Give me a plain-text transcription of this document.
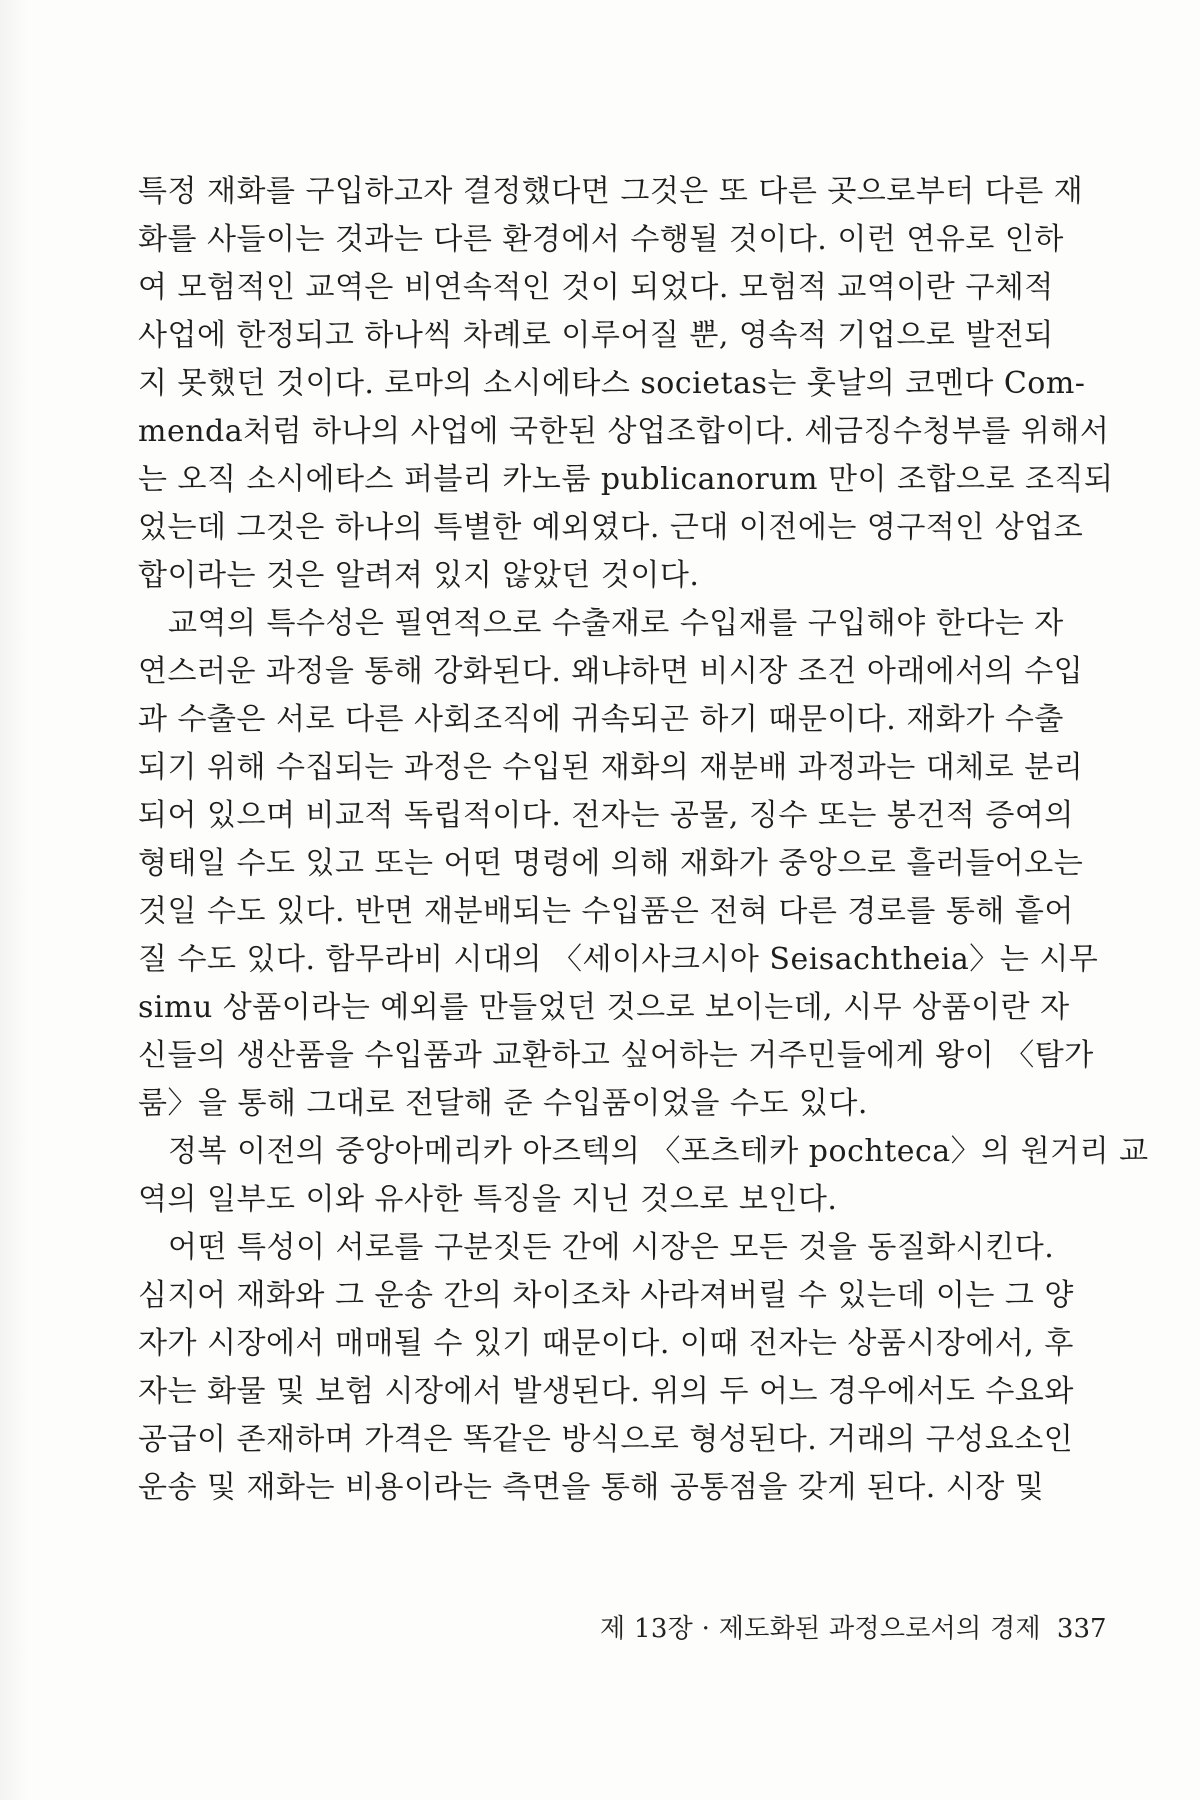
특정 재화를 구입하고자 결정했다면 그것은 또 다른 곳으로부터 다른 재
화를 사들이는 것과는 다른 환경에서 수행될 것이다. 이런 연유로 인하
여 모험적인 교역은 비연속적인 것이 되었다. 모험적 교역이란 구체적
사업에 한정되고 하나씩 차례로 이루어질 뿐, 영속적 기업으로 발전되
지 못했던 것이다. 로마의 소시에타스 societas는 훗날의 코멘다 Com-
menda처럼 하나의 사업에 국한된 상업조합이다. 세금징수청부를 위해서
는 오직 소시에타스 퍼블리 카노룸 publicanorum 만이 조합으로 조직되
었는데 그것은 하나의 특별한 예외였다. 근대 이전에는 영구적인 상업조
합이라는 것은 알려져 있지 않았던 것이다.
교역의 특수성은 필연적으로 수출재로 수입재를 구입해야 한다는 자
연스러운 과정을 통해 강화된다. 왜냐하면 비시장 조건 아래에서의 수입
과 수출은 서로 다른 사회조직에 귀속되곤 하기 때문이다. 재화가 수출
되기 위해 수집되는 과정은 수입된 재화의 재분배 과정과는 대체로 분리
되어 있으며 비교적 독립적이다. 전자는 공물, 징수 또는 봉건적 증여의
형태일 수도 있고 또는 어떤 명령에 의해 재화가 중앙으로 흘러들어오는
것일 수도 있다. 반면 재분배되는 수입품은 전혀 다른 경로를 통해 흩어
질 수도 있다. 함무라비 시대의 〈세이사크시아 Seisachtheia〉는 시무
simu 상품이라는 예외를 만들었던 것으로 보이는데, 시무 상품이란 자
신들의 생산품을 수입품과 교환하고 싶어하는 거주민들에게 왕이 〈탐가
룸〉을 통해 그대로 전달해 준 수입품이었을 수도 있다.
정복 이전의 중앙아메리카 아즈텍의 〈포츠테카 pochteca〉의 원거리 교
역의 일부도 이와 유사한 특징을 지닌 것으로 보인다.
어떤 특성이 서로를 구분짓든 간에 시장은 모든 것을 동질화시킨다.
심지어 재화와 그 운송 간의 차이조차 사라져버릴 수 있는데 이는 그 양
자가 시장에서 매매될 수 있기 때문이다. 이때 전자는 상품시장에서, 후
자는 화물 및 보험 시장에서 발생된다. 위의 두 어느 경우에서도 수요와
공급이 존재하며 가격은 똑같은 방식으로 형성된다. 거래의 구성요소인
운송 및 재화는 비용이라는 측면을 통해 공통점을 갖게 된다. 시장 및
제 13장 · 제도화된 과정으로서의 경제 337
